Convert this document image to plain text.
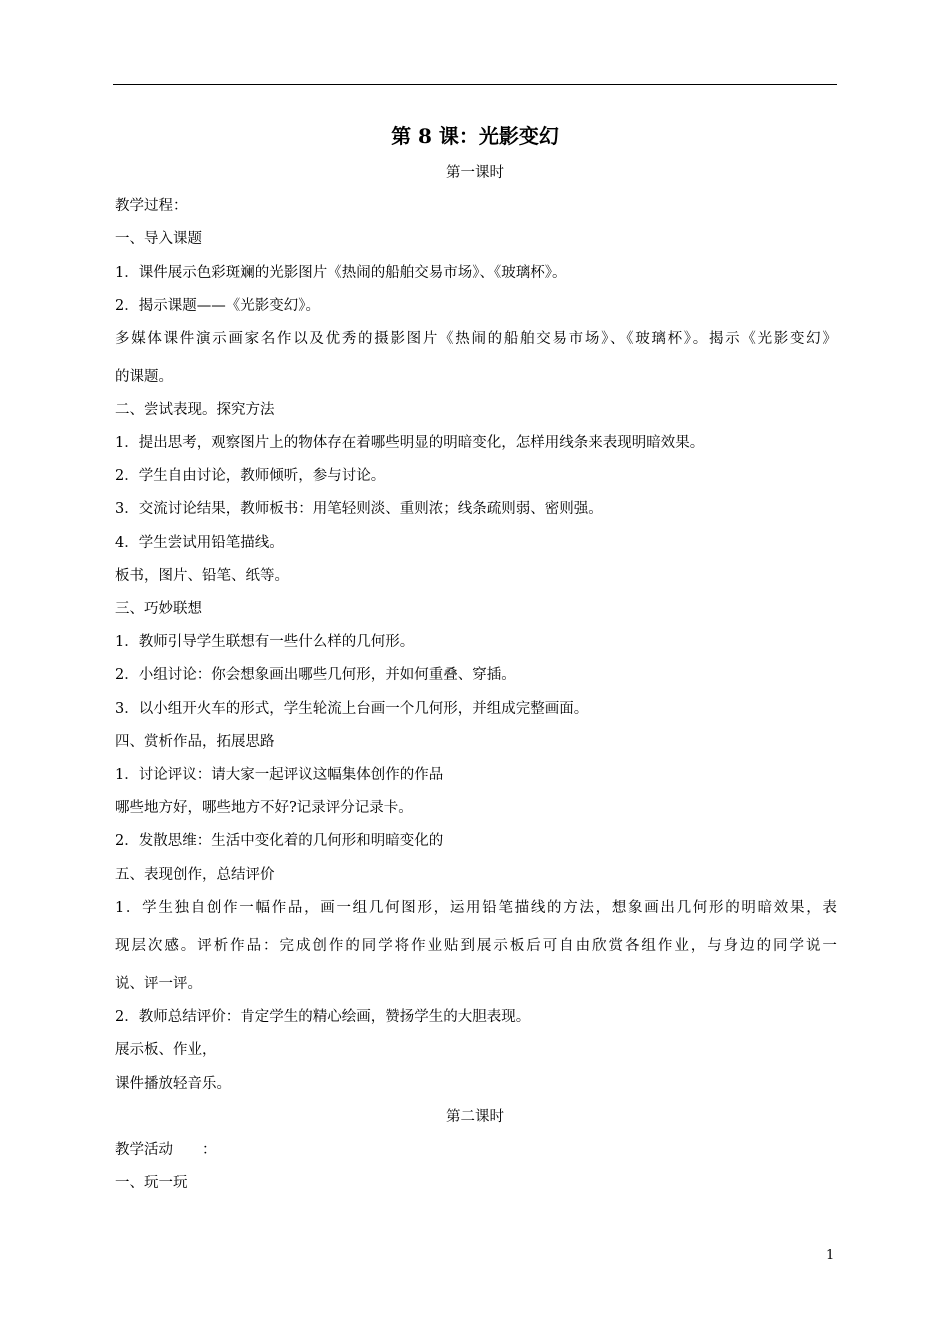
第 8 课：光影变幻
第一课时
教学过程：
一、导入课题
1．课件展示色彩斑斓的光影图片《热闹的船舶交易市场》、《玻璃杯》。
2．揭示课题——《光影变幻》。
多媒体课件演示画家名作以及优秀的摄影图片《热闹的船舶交易市场》、《玻璃杯》。揭示《光影变幻》
的课题。
二、尝试表现。探究方法
1．提出思考，观察图片上的物体存在着哪些明显的明暗变化，怎样用线条来表现明暗效果。
2．学生自由讨论，教师倾听，参与讨论。
3．交流讨论结果，教师板书：用笔轻则淡、重则浓；线条疏则弱、密则强。
4．学生尝试用铅笔描线。
板书，图片、铅笔、纸等。
三、巧妙联想
1．教师引导学生联想有一些什么样的几何形。
2．小组讨论：你会想象画出哪些几何形，并如何重叠、穿插。
3．以小组开火车的形式，学生轮流上台画一个几何形，并组成完整画面。
四、赏析作品，拓展思路
1．讨论评议：请大家一起评议这幅集体创作的作品
哪些地方好，哪些地方不好?记录评分记录卡。
2．发散思维：生活中变化着的几何形和明暗变化的
五、表现创作，总结评价
1．学生独自创作一幅作品，画一组几何图形，运用铅笔描线的方法，想象画出几何形的明暗效果，表
现层次感。评析作品：完成创作的同学将作业贴到展示板后可自由欣赏各组作业，与身边的同学说一
说、评一评。
2．教师总结评价：肯定学生的精心绘画，赞扬学生的大胆表现。
展示板、作业，
课件播放轻音乐。
第二课时
教学活动　　：
一、玩一玩
1
